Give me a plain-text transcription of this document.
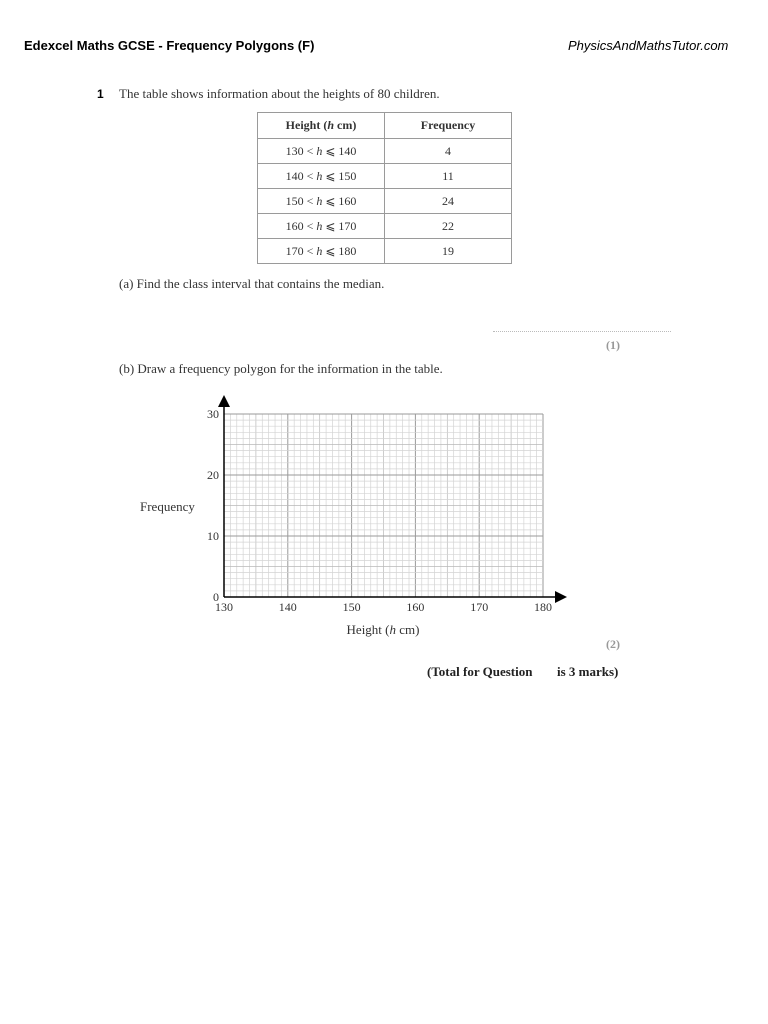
Edexcel Maths GCSE - Frequency Polygons (F)	PhysicsAndMathsTutor.com
1 The table shows information about the heights of 80 children.
Height (h cm)	Frequency
130 < h ⩽ 140	4
140 < h ⩽ 150	11
150 < h ⩽ 160	24
160 < h ⩽ 170	22
170 < h ⩽ 180	19
(a) Find the class interval that contains the median.
(1)
(b) Draw a frequency polygon for the information in the table.
130	140	150	160	170	180
0
10
20
30
Frequency
Height (h cm)
(2)
(Total for Question is 3 marks)
